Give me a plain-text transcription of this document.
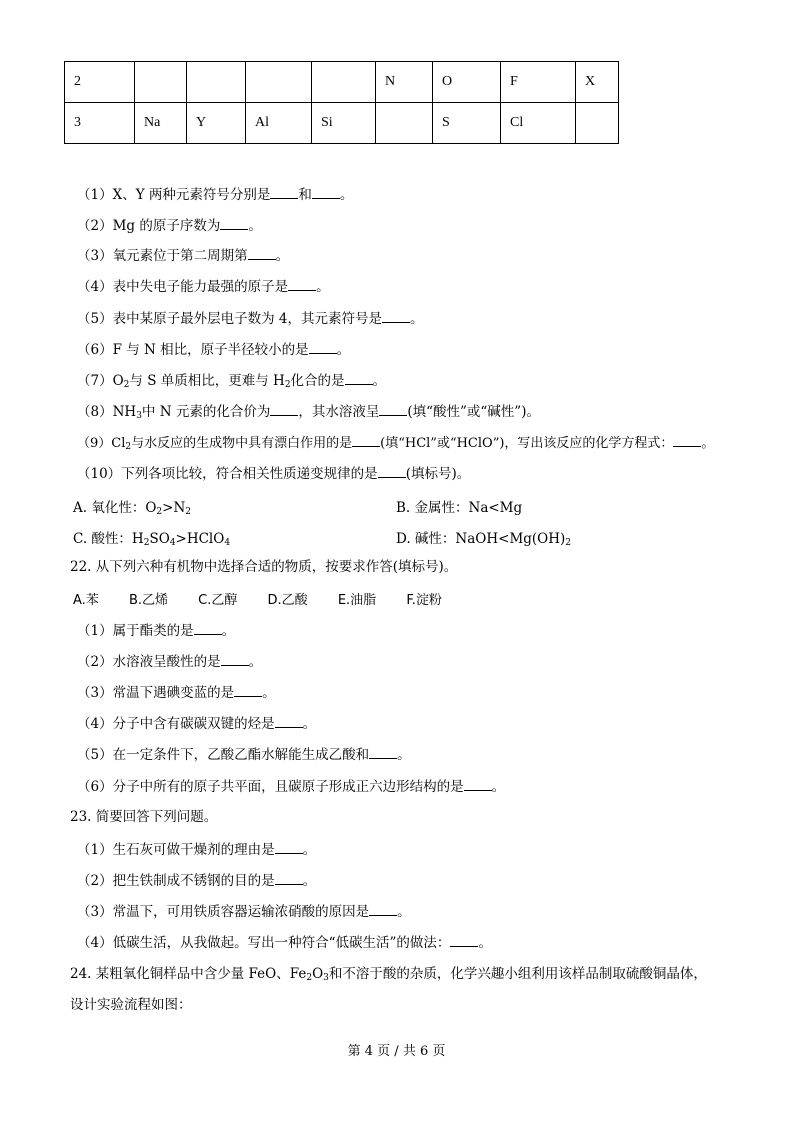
2					N	O	F	X
3	Na	Y	Al	Si		S	Cl	
（1）X、Y 两种元素符号分别是 和 。
（2）Mg 的原子序数为 。
（3）氧元素位于第二周期第 。
（4）表中失电子能力最强的原子是 。
（5）表中某原子最外层电子数为 4，其元素符号是 。
（6）F 与 N 相比，原子半径较小的是 。
$(7)O_2$与 S 单质相比，更难与 $H_2$化合的是 。
$(8)NH_3$中 N 元素的化合价为 ，其水溶液呈 (填“酸性”或“碱性”)。
$(9)Cl_2$与水反应的生成物中具有漂白作用的是 (填“HCl”或“HClO”)，写出该反应的化学方程式： 。
（10）下列各项比较，符合相关性质递变规律的是 (填标号)。
A. 氧化性：$O_2>N_2$	B. 金属性：Na<Mg
C. 酸性：$H_2SO_4>HClO_4$	D. 碱性：$NaOH<Mg(OH)_2$
22. 从下列六种有机物中选择合适的物质，按要求作答(填标号)。
A.苯 B.乙烯 C.乙醇 D.乙酸 E.油脂 F.淀粉
（1）属于酯类的是 。
（2）水溶液呈酸性的是 。
（3）常温下遇碘变蓝的是 。
（4）分子中含有碳碳双键的烃是 。
（5）在一定条件下，乙酸乙酯水解能生成乙酸和 。
（6）分子中所有的原子共平面，且碳原子形成正六边形结构的是 。
23. 简要回答下列问题。
（1）生石灰可做干燥剂的理由是 。
（2）把生铁制成不锈钢的目的是 。
（3）常温下，可用铁质容器运输浓硝酸的原因是 。
（4）低碳生活，从我做起。写出一种符合“低碳生活”的做法： 。
24. 某粗氧化铜样品中含少量 FeO、$Fe_2O_3$和不溶于酸的杂质，化学兴趣小组利用该样品制取硫酸铜晶体，
设计实验流程如图：
第 4 页 / 共 6 页
